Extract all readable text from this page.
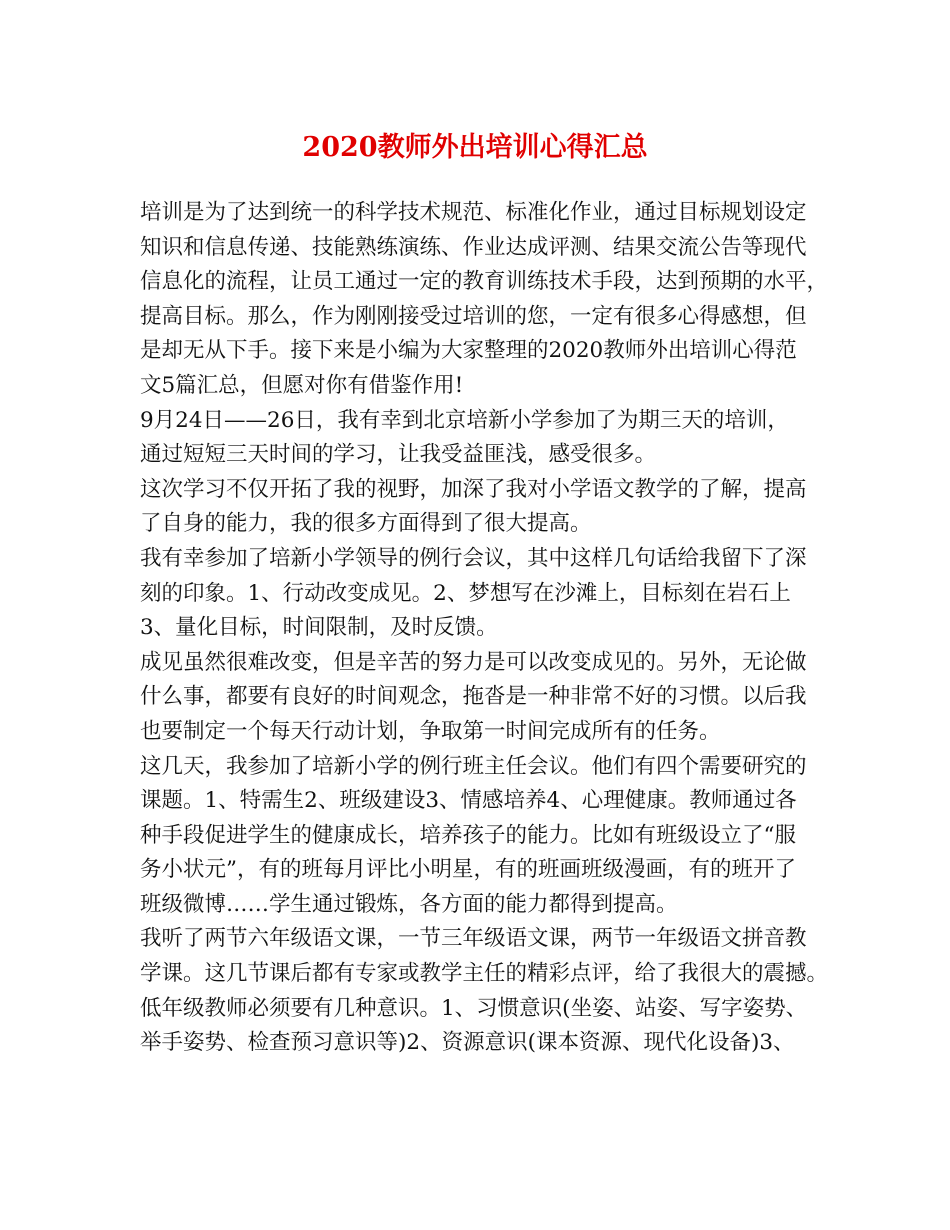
2020教师外出培训心得汇总

培训是为了达到统一的科学技术规范、标准化作业，通过目标规划设定

知识和信息传递、技能熟练演练、作业达成评测、结果交流公告等现代

信息化的流程，让员工通过一定的教育训练技术手段，达到预期的水平，

提高目标。那么，作为刚刚接受过培训的您，一定有很多心得感想，但

是却无从下手。接下来是小编为大家整理的2020教师外出培训心得范

文5篇汇总，但愿对你有借鉴作用!

9月24日——26日，我有幸到北京培新小学参加了为期三天的培训，

通过短短三天时间的学习，让我受益匪浅，感受很多。

这次学习不仅开拓了我的视野，加深了我对小学语文教学的了解，提高

了自身的能力，我的很多方面得到了很大提高。

我有幸参加了培新小学领导的例行会议，其中这样几句话给我留下了深

刻的印象。1、行动改变成见。2、梦想写在沙滩上，目标刻在岩石上

3、量化目标，时间限制，及时反馈。

成见虽然很难改变，但是辛苦的努力是可以改变成见的。另外，无论做

什么事，都要有良好的时间观念，拖沓是一种非常不好的习惯。以后我

也要制定一个每天行动计划，争取第一时间完成所有的任务。

这几天，我参加了培新小学的例行班主任会议。他们有四个需要研究的

课题。1、特需生2、班级建设3、情感培养4、心理健康。教师通过各

种手段促进学生的健康成长，培养孩子的能力。比如有班级设立了“服

务小状元”，有的班每月评比小明星，有的班画班级漫画，有的班开了

班级微博……学生通过锻炼，各方面的能力都得到提高。

我听了两节六年级语文课，一节三年级语文课，两节一年级语文拼音教

学课。这几节课后都有专家或教学主任的精彩点评，给了我很大的震撼。

低年级教师必须要有几种意识。1、习惯意识(坐姿、站姿、写字姿势、

举手姿势、检查预习意识等)2、资源意识(课本资源、现代化设备)3、
